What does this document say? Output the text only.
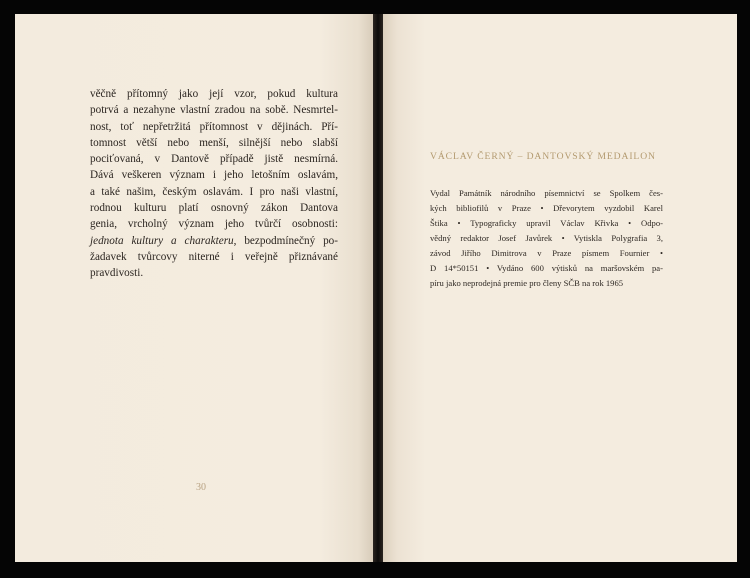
věčně přítomný jako její vzor, pokud kultura
potrvá a nezahyne vlastní zradou na sobě. Nesmrtel-
nost, toť nepřetržitá přítomnost v dějinách. Pří-
tomnost větší nebo menší, silnější nebo slabší
pociťovaná, v Dantově případě jistě nesmírná.
Dává veškeren význam i jeho letošním oslavám,
a také našim, českým oslavám. I pro naši vlastní,
rodnou kulturu platí osnovný zákon Dantova
genia, vrcholný význam jeho tvůrčí osobnosti:
jednota kultury a charakteru, bezpodmínečný po-
žadavek tvůrcovy niterné i veřejně přiznávané
pravdivosti.
30
VÁCLAV ČERNÝ – DANTOVSKÝ MEDAILON
Vydal Památník národního písemnictví se Spolkem čes-
kých bibliofilů v Praze • Dřevorytem vyzdobil Karel
Štika • Typograficky upravil Václav Křivka • Odpo-
vědný redaktor Josef Javůrek • Vytiskla Polygrafia 3,
závod Jiřího Dimitrova v Praze písmem Fournier •
D 14*50151 • Vydáno 600 výtisků na maršovském pa-
píru jako neprodejná premie pro členy SČB na rok 1965
